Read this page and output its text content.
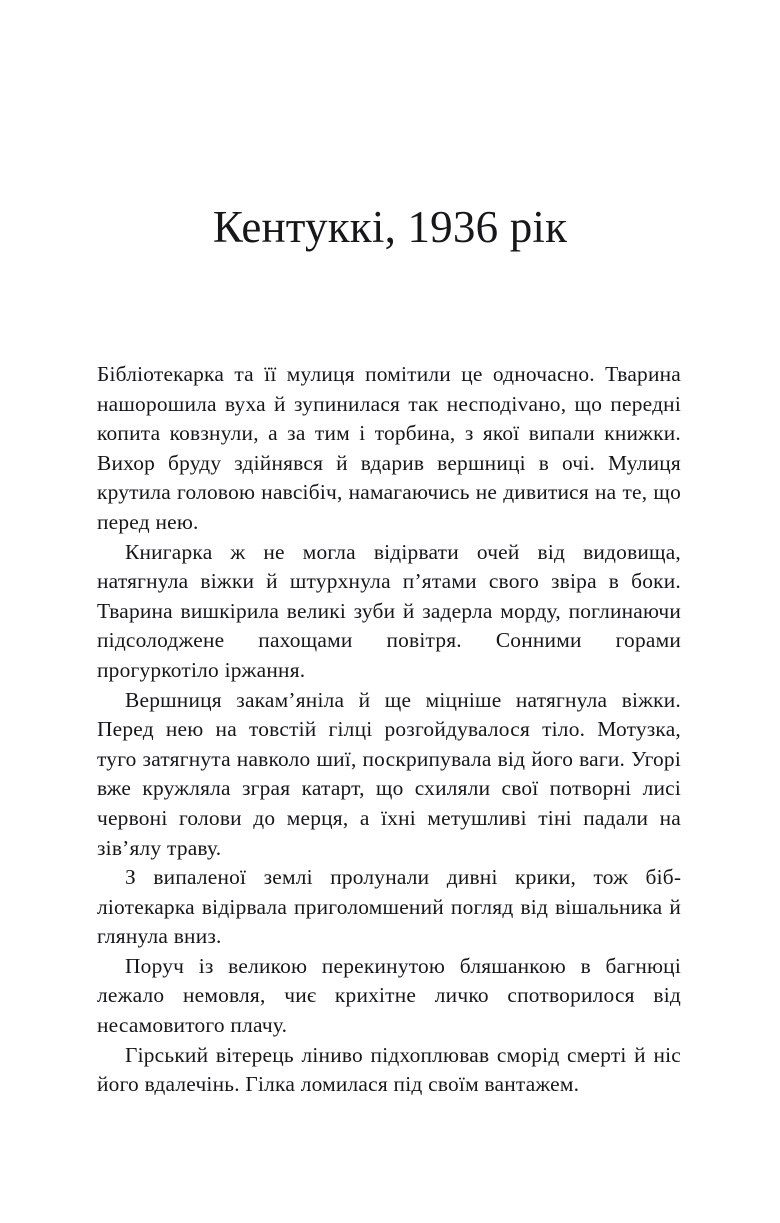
Кентуккі, 1936 рік

Бібліотекарка та її мулиця помітили це одночасно. Тварина нашорошила вуха й зупинилася так несподіvано, що передні копита ковзнули, а за тим і торбина, з якої випали книжки. Вихор бруду здійнявся й вдарив вершниці в очі. Мулиця крутила головою навсібіч, намагаючись не дивитися на те, що перед нею.

Книгарка ж не могла відірвати очей від видовища, натягнула віжки й штурхнула п’ятами свого звіра в боки. Тварина вишкірила великі зуби й задерла морду, поглинаючи підсолоджене пахощами повітря. Сонними горами прогуркотіло іржання.

Вершниця закам’яніла й ще міцніше натягнула віжки. Перед нею на товстій гілці розгойдувалося тіло. Мотузка, туго затягнута навколо шиї, поскрипувала від його ваги. Угорі вже кружляла зграя катарт, що схиляли свої потворні лисі червоні голови до мерця, а їхні метушливі тіні падали на зів’ялу траву.

З випаленої землі пролунали дивні крики, тож бібліотекарка відірвала приголомшений погляд від вішальника й глянула вниз.

Поруч із великою перекинутою бляшанкою в багнюці лежало немовля, чиє крихітне личко спотворилося від несамовитого плачу.

Гірський вітерець ліниво підхоплював сморід смерті й ніс його вдалечінь. Гілка ломилася під своїм вантажем.
